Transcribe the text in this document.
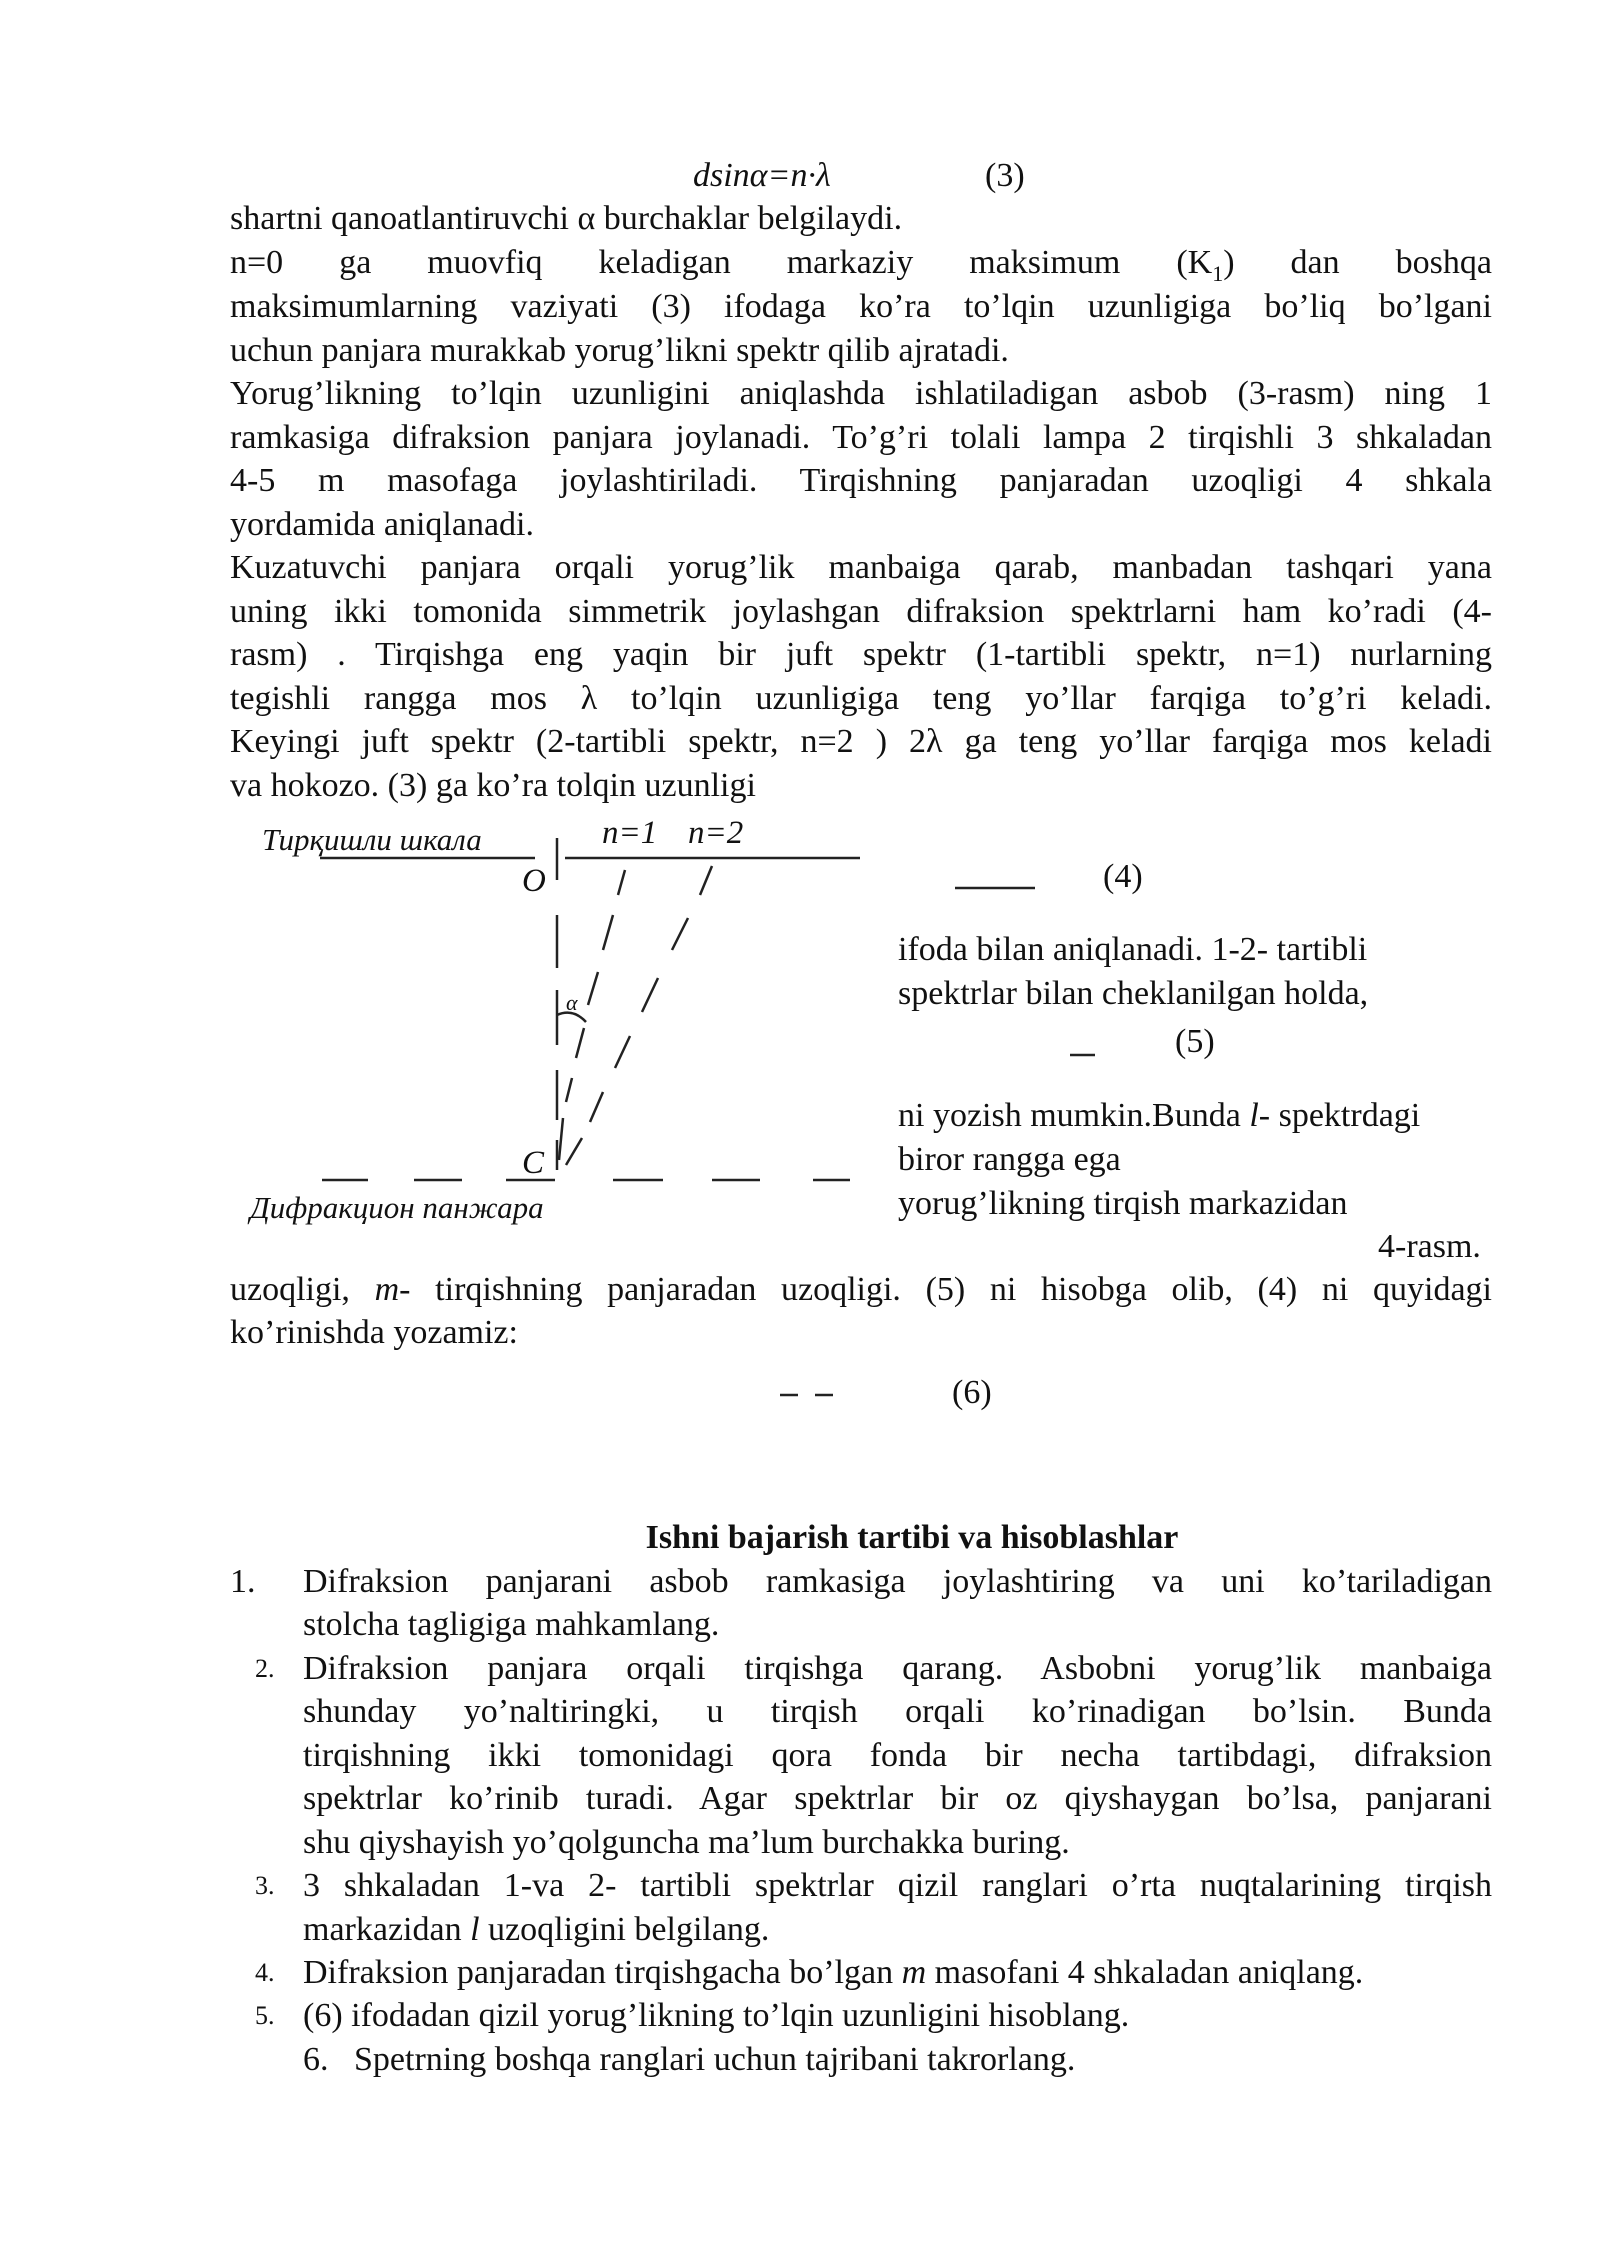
dsinα=n·λ	(3)
shartni qanoatlantiruvchi α burchaklar belgilaydi.
n=0 ga muovfiq keladigan markaziy maksimum $(K_1)$ dan boshqa
maksimumlarning vaziyati (3) ifodaga ko’ra to’lqin uzunligiga bo’liq bo’lgani
uchun panjara murakkab yorug’likni spektr qilib ajratadi.
Yorug’likning to’lqin uzunligini aniqlashda ishlatiladigan asbob (3-rasm) ning 1
ramkasiga difraksion panjara joylanadi. To’g’ri tolali lampa 2 tirqishli 3 shkaladan
4-5 m masofaga joylashtiriladi. Tirqishning panjaradan uzoqligi 4 shkala
yordamida aniqlanadi.
Kuzatuvchi panjara orqali yorug’lik manbaiga qarab, manbadan tashqari yana
uning ikki tomonida simmetrik joylashgan difraksion spektrlarni ham ko’radi (4-
rasm) . Tirqishga eng yaqin bir juft spektr (1-tartibli spektr, n=1) nurlarning
tegishli rangga mos λ to’lqin uzunligiga teng yo’llar farqiga to’g’ri keladi.
Keyingi juft spektr (2-tartibli spektr, n=2 ) 2λ ga teng yo’llar farqiga mos keladi
va hokozo. (3) ga ko’ra tolqin uzunligi
Тирқишли шкала	n=1 n=2
O
α
C
Дифракцион панжара
(4)
ifoda bilan aniqlanadi. 1-2- tartibli
spektrlar bilan cheklanilgan holda,
(5)
ni yozish mumkin.Bunda l- spektrdagi
biror rangga ega
yorug’likning tirqish markazidan
4-rasm.
uzoqligi, m- tirqishning panjaradan uzoqligi. (5) ni hisobga olib, (4) ni quyidagi
ko’rinishda yozamiz:
(6)
Ishni bajarish tartibi va hisoblashlar
1. Difraksion panjarani asbob ramkasiga joylashtiring va uni ko’tariladigan
stolcha tagligiga mahkamlang.
2. Difraksion panjara orqali tirqishga qarang. Asbobni yorug’lik manbaiga
shunday yo’naltiringki, u tirqish orqali ko’rinadigan bo’lsin. Bunda
tirqishning ikki tomonidagi qora fonda bir necha tartibdagi, difraksion
spektrlar ko’rinib turadi. Agar spektrlar bir oz qiyshaygan bo’lsa, panjarani
shu qiyshayish yo’qolguncha ma’lum burchakka buring.
3. 3 shkaladan 1-va 2- tartibli spektrlar qizil ranglari o’rta nuqtalarining tirqish
markazidan l uzoqligini belgilang.
4. Difraksion panjaradan tirqishgacha bo’lgan m masofani 4 shkaladan aniqlang.
5. (6) ifodadan qizil yorug’likning to’lqin uzunligini hisoblang.
6. Spetrning boshqa ranglari uchun tajribani takrorlang.
